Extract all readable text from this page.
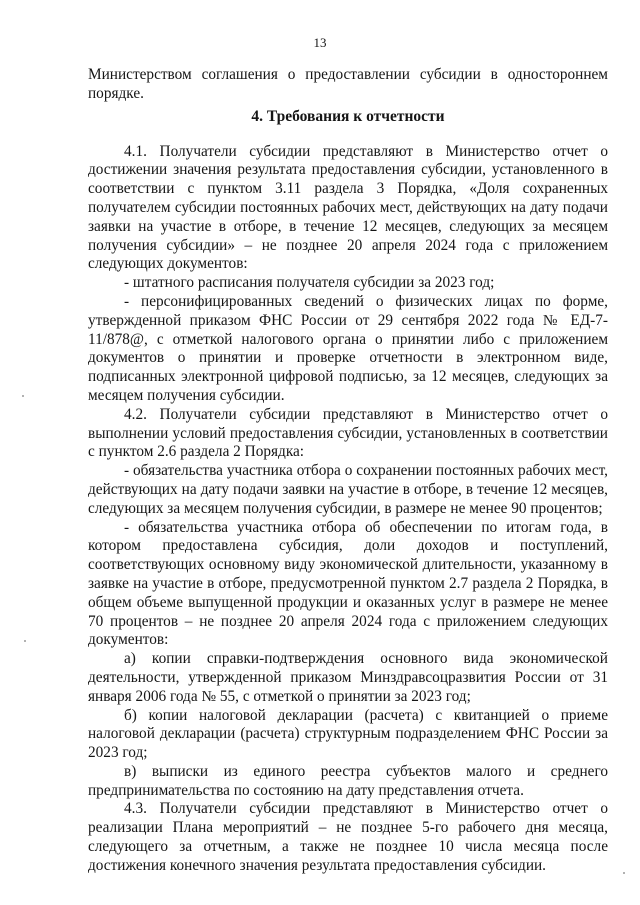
13

Министерством соглашения о предоставлении субсидии в одностороннем порядке.

4. Требования к отчетности

4.1. Получатели субсидии представляют в Министерство отчет о достижении значения результата предоставления субсидии, установленного в соответствии с пунктом 3.11 раздела 3 Порядка, «Доля сохраненных получателем субсидии постоянных рабочих мест, действующих на дату подачи заявки на участие в отборе, в течение 12 месяцев, следующих за месяцем получения субсидии» – не позднее 20 апреля 2024 года с приложением следующих документов:

- штатного расписания получателя субсидии за 2023 год;

- персонифицированных сведений о физических лицах по форме, утвержденной приказом ФНС России от 29 сентября 2022 года № ЕД-7-11/878@, с отметкой налогового органа о принятии либо с приложением документов о принятии и проверке отчетности в электронном виде, подписанных электронной цифровой подписью, за 12 месяцев, следующих за месяцем получения субсидии.

4.2. Получатели субсидии представляют в Министерство отчет о выполнении условий предоставления субсидии, установленных в соответствии с пунктом 2.6 раздела 2 Порядка:

- обязательства участника отбора о сохранении постоянных рабочих мест, действующих на дату подачи заявки на участие в отборе, в течение 12 месяцев, следующих за месяцем получения субсидии, в размере не менее 90 процентов;

- обязательства участника отбора об обеспечении по итогам года, в котором предоставлена субсидия, доли доходов и поступлений, соответствующих основному виду экономической длительности, указанному в заявке на участие в отборе, предусмотренной пунктом 2.7 раздела 2 Порядка, в общем объеме выпущенной продукции и оказанных услуг в размере не менее 70 процентов – не позднее 20 апреля 2024 года с приложением следующих документов:

а) копии справки-подтверждения основного вида экономической деятельности, утвержденной приказом Минздравсоцразвития России от 31 января 2006 года № 55, с отметкой о принятии за 2023 год;

б) копии налоговой декларации (расчета) с квитанцией о приеме налоговой декларации (расчета) структурным подразделением ФНС России за 2023 год;

в) выписки из единого реестра субъектов малого и среднего предпринимательства по состоянию на дату представления отчета.

4.3. Получатели субсидии представляют в Министерство отчет о реализации Плана мероприятий – не позднее 5-го рабочего дня месяца, следующего за отчетным, а также не позднее 10 числа месяца после достижения конечного значения результата предоставления субсидии.
